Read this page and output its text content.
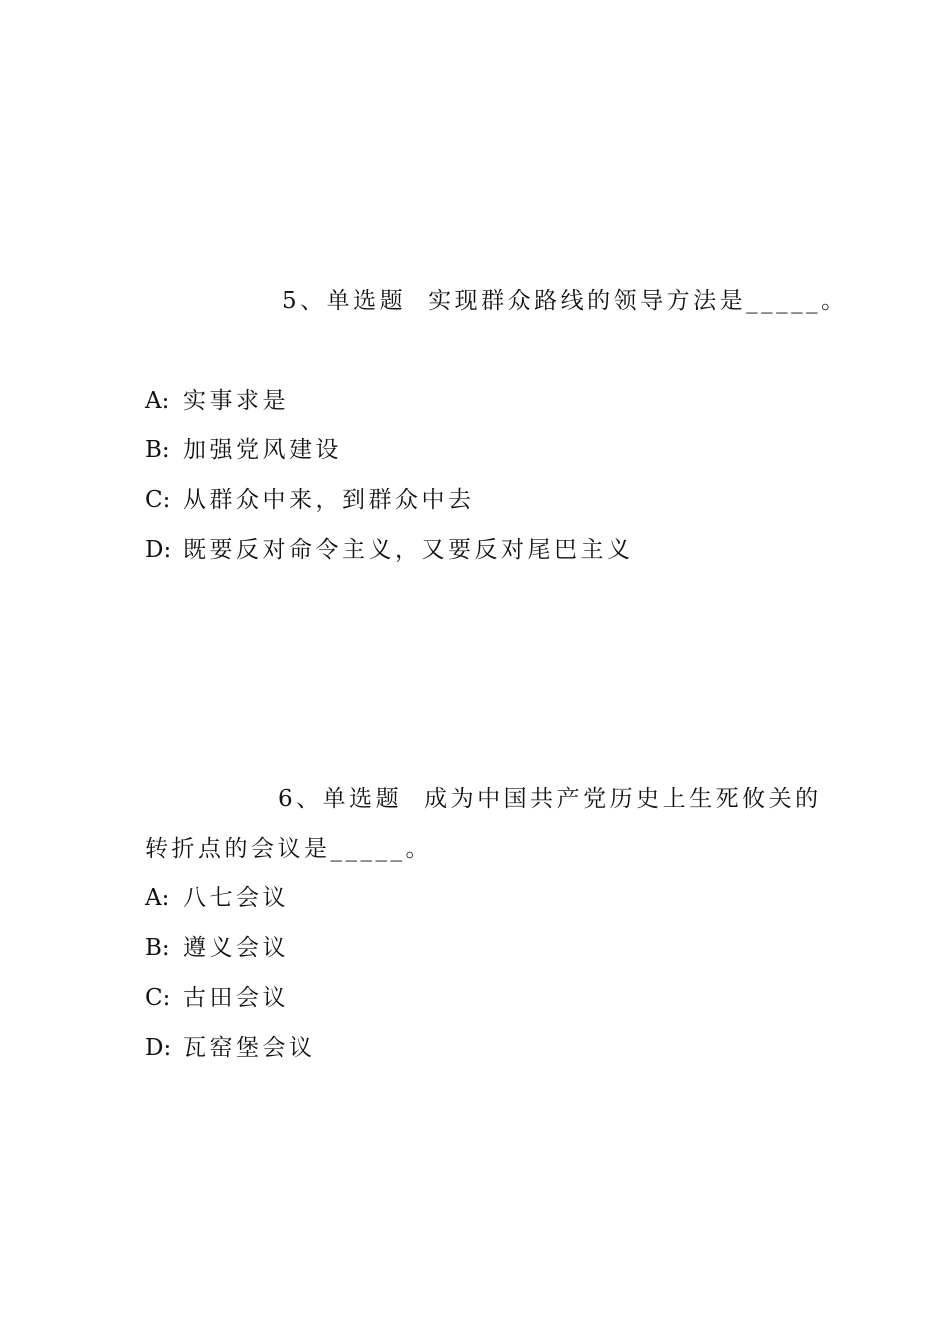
5、单选题 实现群众路线的领导方法是_____。
A: 实事求是
B: 加强党风建设
C: 从群众中来，到群众中去
D: 既要反对命令主义，又要反对尾巴主义
6、单选题 成为中国共产党历史上生死攸关的
转折点的会议是_____。
A: 八七会议
B: 遵义会议
C: 古田会议
D: 瓦窑堡会议
